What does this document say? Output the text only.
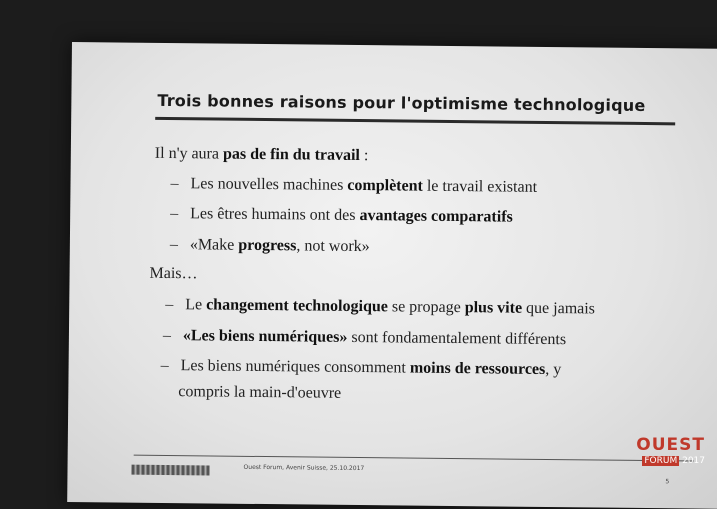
Trois bonnes raisons pour l'optimisme technologique
Il n'y aura pas de fin du travail :
– Les nouvelles machines complètent le travail existant
– Les êtres humains ont des avantages comparatifs
– «Make progress, not work»
Mais…
– Le changement technologique se propage plus vite que jamais
– «Les biens numériques» sont fondamentalement différents
– Les biens numériques consomment moins de ressources, y
compris la main-d'oeuvre
Ouest Forum, Avenir Suisse, 25.10.2017
5
OUEST
FORUM 2017
